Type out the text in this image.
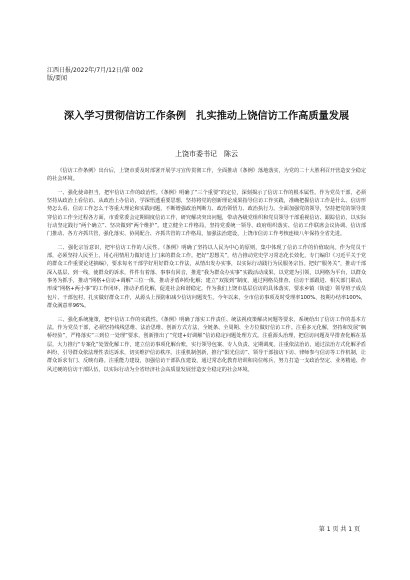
江西日报/2022年/7月/12日/第 002
版/要闻
深入学习贯彻信访工作条例　扎实推动上饶信访工作高质量发展
上饶市委书记　陈云

《信访工作条例》出台后，上饶市委及时部署开展学习宣传贯彻工作，全面推动《条例》落地落实，为党的二十大胜利召开营造安全稳定的社会环境。

一、强化使命担当，把牢信访工作的政治性。《条例》明确了“三个重要”的定位，深刻揭示了信访工作的根本属性。作为党员干部，必须坚持从政治上看信访、从政治上办信访，学深悟透重要思想，坚持将党的创新理论成果指导信访工作实践，准确把握信访工作是什么、信访形势怎么看、信访工作怎么干等重大理论和实践问题，不断增强政治判断力、政治领悟力、政治执行力。全面加强党的领导，坚持把党的领导贯穿信访工作全过程各方面，市委常委会定期调度信访工作，研究解决突出问题，带动各级党组织和党员领导干部重视信访、跟踪信访，以实际行动坚定践行“两个确立”、坚决做到“两个维护”。建立健全工作格局，坚持党委统一领导、政府组织落实、信访工作联席会议协调、信访部门推动、各方齐抓共管，强化落实、协同配合、齐抓共管的工作格局，加强法治建设，上饶市信访工作考核连续八年保持全省先进。

二、强化宗旨意识，把牢信访工作的人民性。《条例》明确了坚持以人民为中心的原则，集中体现了信访工作的价值取向。作为党员干部，必须坚持人民至上，用心用情用力做好进上门来的群众工作。把好“思想关”，结合推动党史学习常态化长效化，专门编印《习近平关于党的群众工作重要论述摘编》，要求每名干部学好用好群众工作法，从情出发办实事，以实际行动践行为民服务宗旨。把好“服务关”，推动干部深入基层、到一线，使群众的诉求，件件有着落、事事有回音，推进“我为群众办实事”实践活动成果。以党建为引领，以网格为平台，以群众事务为抓手，推动“网格+信访+调解”三位一体，推动矛盾纠纷化解；建立“双报到”制度，通过网格员排查、信访干部跟进、相关部门联动，形成“网格+两小事”的工作闭环，推动矛盾化解，促进社会和谐稳定。作为我们上饶市基层信访的具体落实，要求乡镇（街道）领导班子成员包片、干部包村，扎实做好群众工作，从源头上预防和减少信访问题发生。今年以来，全市信访事项及时受理率100%、按期办结率100%，群众满意率96%。

三、强化系统施策，把牢信访工作的实践性。《条例》明确了落实工作责任、统法视疫策解决问题等要求，系统给出了信访工作的基本方法。作为党员干部，必须坚持线线思维、法治思维、创新方式方法，全链条、全周期、全方位做好信访工作。注重多元化解，坚持和发展“枫桥经验”，严格落实“三到位一处理”要求，创新推出了“党建+好调解”信访稳定问题处理方式。注重源头治理，把信访问题及早排查化解在基层，大力推行“专案化”处置化解工作，建立信访事项化解台账，实行领导包案、专人负责、定期调度。注重依法治访，通过法治方式化解矛盾纠纷，引导群众依法理性表达诉求，切实维护信访秩序。注重机制创新，推行“阳光信访”、领导干部接访下访、律师参与信访等工作机制，让群众诉求有门、反映有路。注重能力建设，加强信访干部队伍建设，通过常态化教育培训和岗位练兵，努力打造一支政治坚定、业务精通、作风过硬的信访干部队伍，以实际行动为全省经济社会高质量发展营造安全稳定的社会环境。

第 1 页 共 1 页
